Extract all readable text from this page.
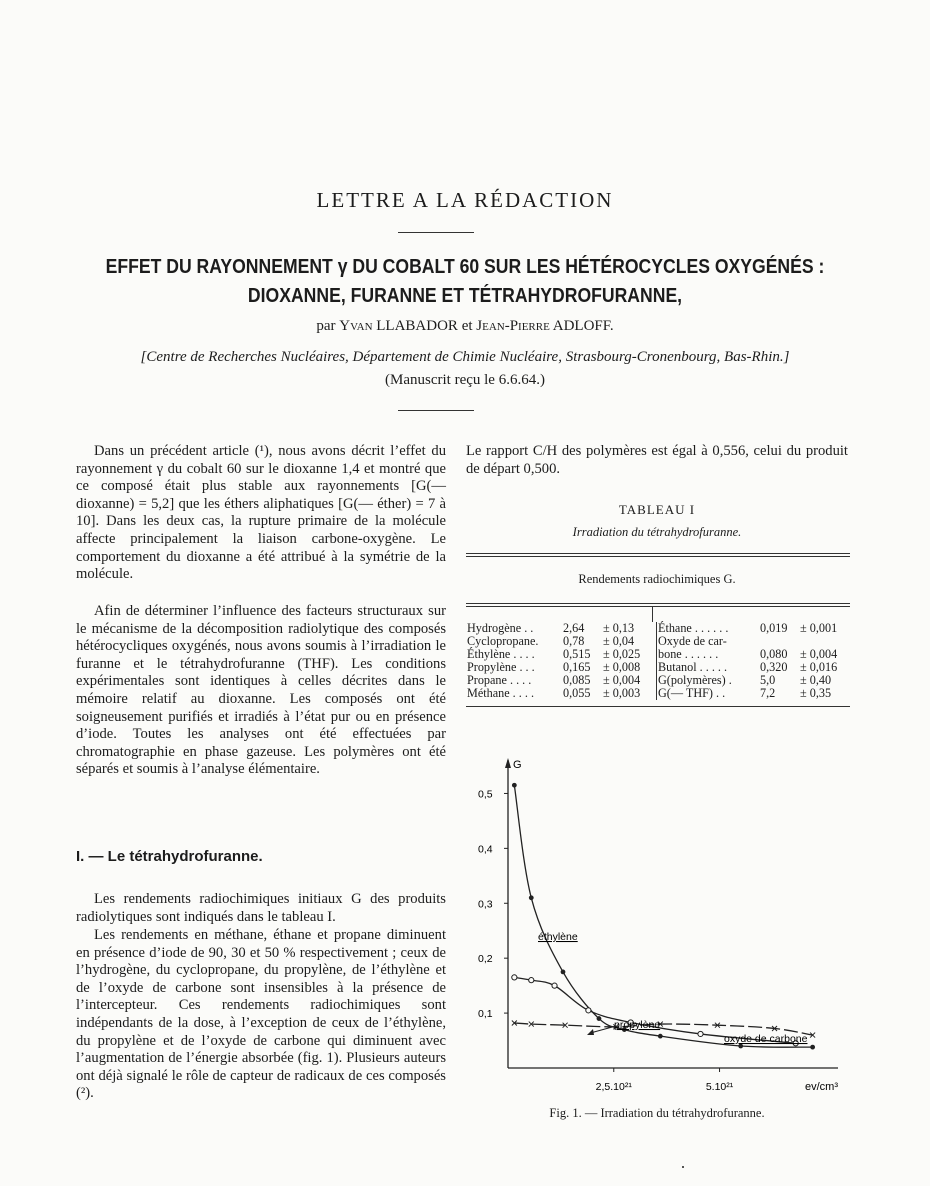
LETTRE A LA RÉDACTION
EFFET DU RAYONNEMENT γ DU COBALT 60 SUR LES HÉTÉROCYCLES OXYGÉNÉS :
DIOXANNE, FURANNE ET TÉTRAHYDROFURANNE,
par Yvan LLABADOR et Jean-Pierre ADLOFF.
[Centre de Recherches Nucléaires, Département de Chimie Nucléaire, Strasbourg-Cronenbourg, Bas-Rhin.]
(Manuscrit reçu le 6.6.64.)

Dans un précédent article (¹), nous avons décrit l’effet du rayonnement γ du cobalt 60 sur le dioxanne 1,4 et montré que ce composé était plus stable aux rayonnements [G(— dioxanne) = 5,2] que les éthers aliphatiques [G(— éther) = 7 à 10]. Dans les deux cas, la rupture primaire de la molécule affecte principalement la liaison carbone-oxygène. Le comportement du dioxanne a été attribué à la symétrie de la molécule.

Afin de déterminer l’influence des facteurs structuraux sur le mécanisme de la décomposition radiolytique des composés hétérocycliques oxygénés, nous avons soumis à l’irradiation le furanne et le tétrahydrofuranne (THF). Les conditions expérimentales sont identiques à celles décrites dans le mémoire relatif au dioxanne. Les composés ont été soigneusement purifiés et irradiés à l’état pur ou en présence d’iode. Toutes les analyses ont été effectuées par chromatographie en phase gazeuse. Les polymères ont été séparés et soumis à l’analyse élémentaire.

Les rendements radiochimiques initiaux G des produits radiolytiques sont indiqués dans le tableau I.

Les rendements en méthane, éthane et propane diminuent en présence d’iode de 90, 30 et 50 % respectivement ; ceux de l’hydrogène, du cyclopropane, du propylène, de l’éthylène et de l’oxyde de carbone sont insensibles à la présence de l’intercepteur. Ces rendements radiochimiques sont indépendants de la dose, à l’exception de ceux de l’éthylène, du propylène et de l’oxyde de carbone qui diminuent avec l’augmentation de l’énergie absorbée (fig. 1). Plusieurs auteurs ont déjà signalé le rôle de capteur de radicaux de ces composés (²).

I. — Le tétrahydrofuranne.

Le rapport C/H des polymères est égal à 0,556, celui du produit de départ 0,500.

TABLEAU I
Irradiation du tétrahydrofuranne.
Rendements radiochimiques G.
Hydrogène . .	2,64	± 0,13	Éthane . . . . . .	0,019	± 0,001
Cyclopropane.	0,78	± 0,04	Oxyde de car-		
Éthylène . . . .	0,515	± 0,025	bone . . . . . .	0,080	± 0,004
Propylène . . .	0,165	± 0,008	Butanol . . . . .	0,320	± 0,016
Propane . . . .	0,085	± 0,004	G(polymères) .	5,0	± 0,40
Méthane . . . .	0,055	± 0,003	G(— THF) . .	7,2	± 0,35
G
ev/cm³
0,1
0,2
0,3
0,4
0,5
2,5.10²¹	5.10²¹
éthylène
propylène
oxyde de carbone
Fig. 1. — Irradiation du tétrahydrofuranne.
